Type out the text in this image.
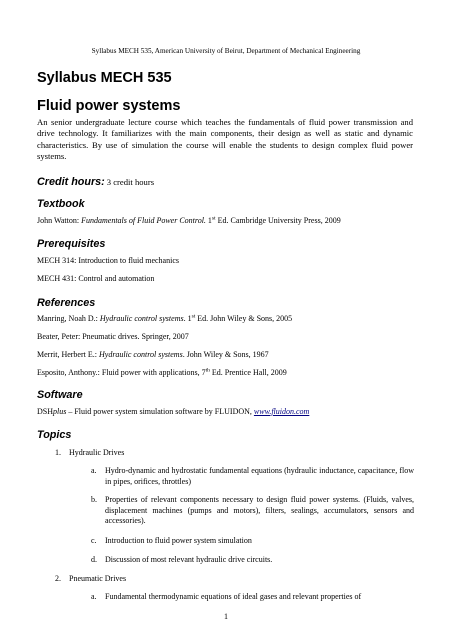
Syllabus MECH 535, American University of Beirut, Department of Mechanical Engineering
Syllabus MECH 535
Fluid power systems
An senior undergraduate lecture course which teaches the fundamentals of fluid power transmission and drive technology. It familiarizes with the main components, their design as well as static and dynamic characteristics. By use of simulation the course will enable the students to design complex fluid power systems.
Credit hours: 3 credit hours
Textbook
John Watton: Fundamentals of Fluid Power Control. 1st Ed. Cambridge University Press, 2009
Prerequisites
MECH 314: Introduction to fluid mechanics
MECH 431: Control and automation
References
Manring, Noah D.: Hydraulic control systems. 1st Ed. John Wiley & Sons, 2005
Beater, Peter: Pneumatic drives. Springer, 2007
Merrit, Herbert E.: Hydraulic control systems. John Wiley & Sons, 1967
Esposito, Anthony.: Fluid power with applications, 7th Ed. Prentice Hall, 2009
Software
DSHplus – Fluid power system simulation software by FLUIDON, www.fluidon.com
Topics
1. Hydraulic Drives
a. Hydro-dynamic and hydrostatic fundamental equations (hydraulic inductance, capacitance, flow in pipes, orifices, throttles)
b. Properties of relevant components necessary to design fluid power systems. (Fluids, valves, displacement machines (pumps and motors), filters, sealings, accumulators, sensors and accessories).
c. Introduction to fluid power system simulation
d. Discussion of most relevant hydraulic drive circuits.
2. Pneumatic Drives
a. Fundamental thermodynamic equations of ideal gases and relevant properties of
1
